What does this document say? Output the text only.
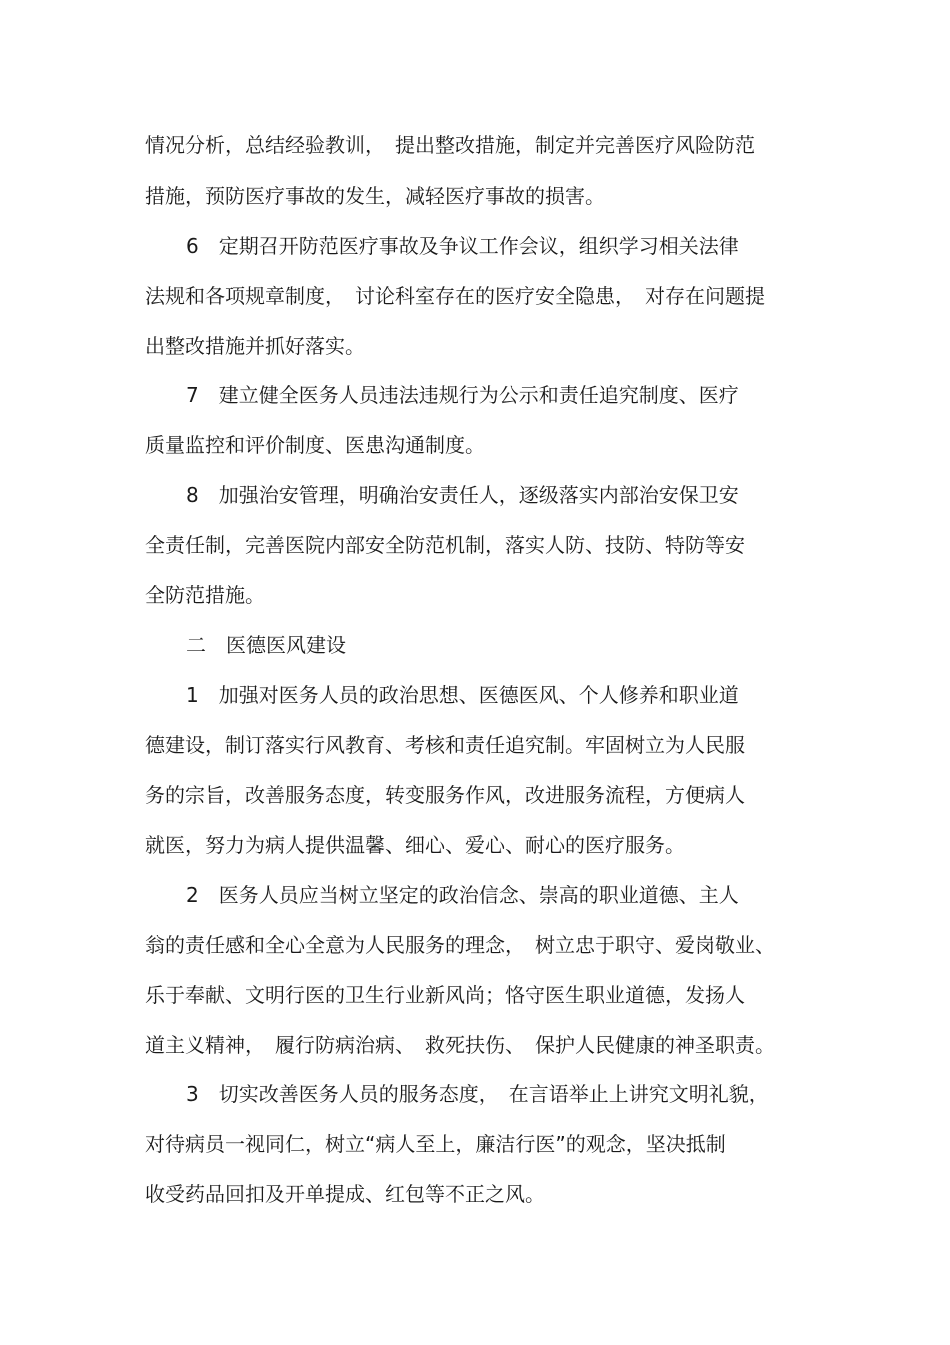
情况分析，总结经验教训，　提出整改措施，制定并完善医疗风险防范
措施，预防医疗事故的发生，减轻医疗事故的损害。
6　定期召开防范医疗事故及争议工作会议，组织学习相关法律
法规和各项规章制度，　讨论科室存在的医疗安全隐患，　对存在问题提
出整改措施并抓好落实。
7　建立健全医务人员违法违规行为公示和责任追究制度、医疗
质量监控和评价制度、医患沟通制度。
8　加强治安管理，明确治安责任人，逐级落实内部治安保卫安
全责任制，完善医院内部安全防范机制，落实人防、技防、特防等安
全防范措施。
二　医德医风建设
1　加强对医务人员的政治思想、医德医风、个人修养和职业道
德建设，制订落实行风教育、考核和责任追究制。牢固树立为人民服
务的宗旨，改善服务态度，转变服务作风，改进服务流程，方便病人
就医，努力为病人提供温馨、细心、爱心、耐心的医疗服务。
2　医务人员应当树立坚定的政治信念、崇高的职业道德、主人
翁的责任感和全心全意为人民服务的理念，　树立忠于职守、爱岗敬业、
乐于奉献、文明行医的卫生行业新风尚；恪守医生职业道德，发扬人
道主义精神，　履行防病治病、　救死扶伤、　保护人民健康的神圣职责。
3　切实改善医务人员的服务态度，　在言语举止上讲究文明礼貌，
对待病员一视同仁，树立“病人至上，廉洁行医”的观念，坚决抵制
收受药品回扣及开单提成、红包等不正之风。
